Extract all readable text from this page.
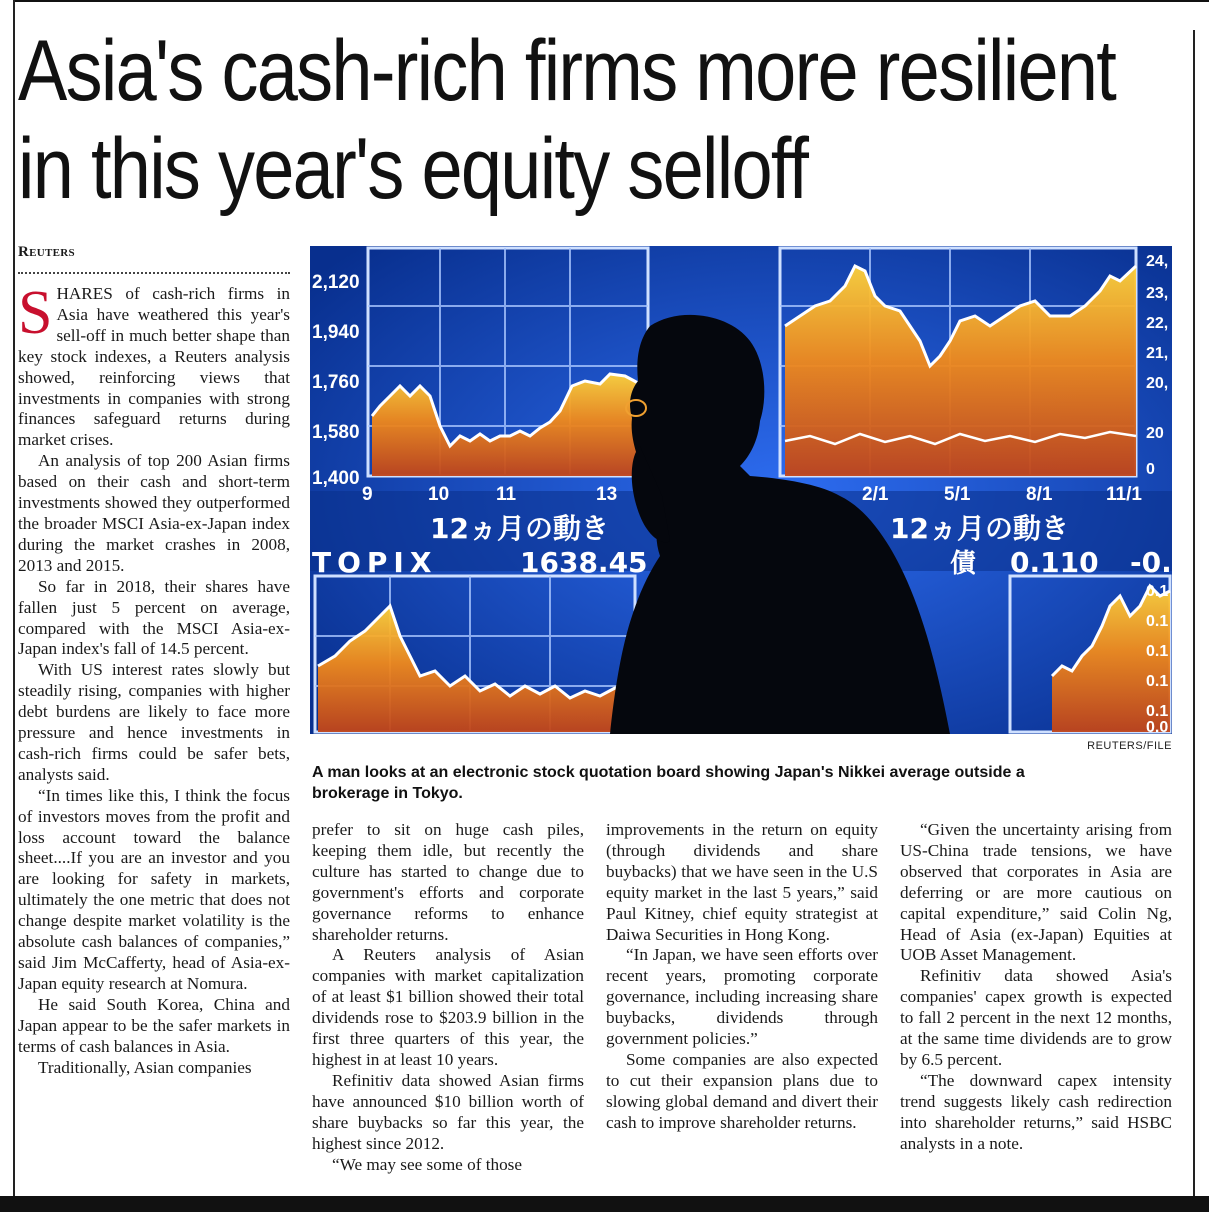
Asia's cash-rich firms more resilient
in this year's equity selloff
Reuters

SHARES of cash-rich firms in Asia have weathered this year's sell-off in much better shape than key stock indexes, a Reuters analysis showed, reinforcing views that investments in companies with strong finances safeguard returns during market crises.

An analysis of top 200 Asian firms based on their cash and short-term investments showed they outperformed the broader MSCI Asia-ex-Japan index during the market crashes in 2008, 2013 and 2015.

So far in 2018, their shares have fallen just 5 percent on average, compared with the MSCI Asia-ex-Japan index's fall of 14.5 percent.

With US interest rates slowly but steadily rising, companies with higher debt burdens are likely to face more pressure and hence investments in cash-rich firms could be safer bets, analysts said.

“In times like this, I think the focus of investors moves from the profit and loss account toward the balance sheet....If you are an investor and you are looking for safety in markets, ultimately the one metric that does not change despite market volatility is the absolute cash balances of companies,” said Jim McCafferty, head of Asia-ex-Japan equity research at Nomura.

He said South Korea, China and Japan appear to be the safer markets in terms of cash balances in Asia.

Traditionally, Asian companies

2,120
1,940
1,760
1,580
1,400
9	10 11	13	2/1	5/1	8/1	11/1
24,
23,
22,
21,
20,
20
0
0.1
0.1
0.1
0.1
0.1
0.0
12ヵ月の動き	12ヵ月の動き
TOPIX	1638.45	債 0.110 -0.0
REUTERS/FILE
A man looks at an electronic stock quotation board showing Japan's Nikkei average outside a brokerage in Tokyo.

prefer to sit on huge cash piles, keeping them idle, but recently the culture has started to change due to government's efforts and corporate governance reforms to enhance shareholder returns.

A Reuters analysis of Asian companies with market capitalization of at least $1 billion showed their total dividends rose to $203.9 billion in the first three quarters of this year, the highest in at least 10 years.

Refinitiv data showed Asian firms have announced $10 billion worth of share buybacks so far this year, the highest since 2012.

“We may see some of those

improvements in the return on equity (through dividends and share buybacks) that we have seen in the U.S equity market in the last 5 years,” said Paul Kitney, chief equity strategist at Daiwa Securities in Hong Kong.

“In Japan, we have seen efforts over recent years, promoting corporate governance, including increasing share buybacks, dividends through government policies.”

Some companies are also expected to cut their expansion plans due to slowing global demand and divert their cash to improve shareholder returns.

“Given the uncertainty arising from US-China trade tensions, we have observed that corporates in Asia are deferring or are more cautious on capital expenditure,” said Colin Ng, Head of Asia (ex-Japan) Equities at UOB Asset Management.

Refinitiv data showed Asia's companies' capex growth is expected to fall 2 percent in the next 12 months, at the same time dividends are to grow by 6.5 percent.

“The downward capex intensity trend suggests likely cash redirection into shareholder returns,” said HSBC analysts in a note.
